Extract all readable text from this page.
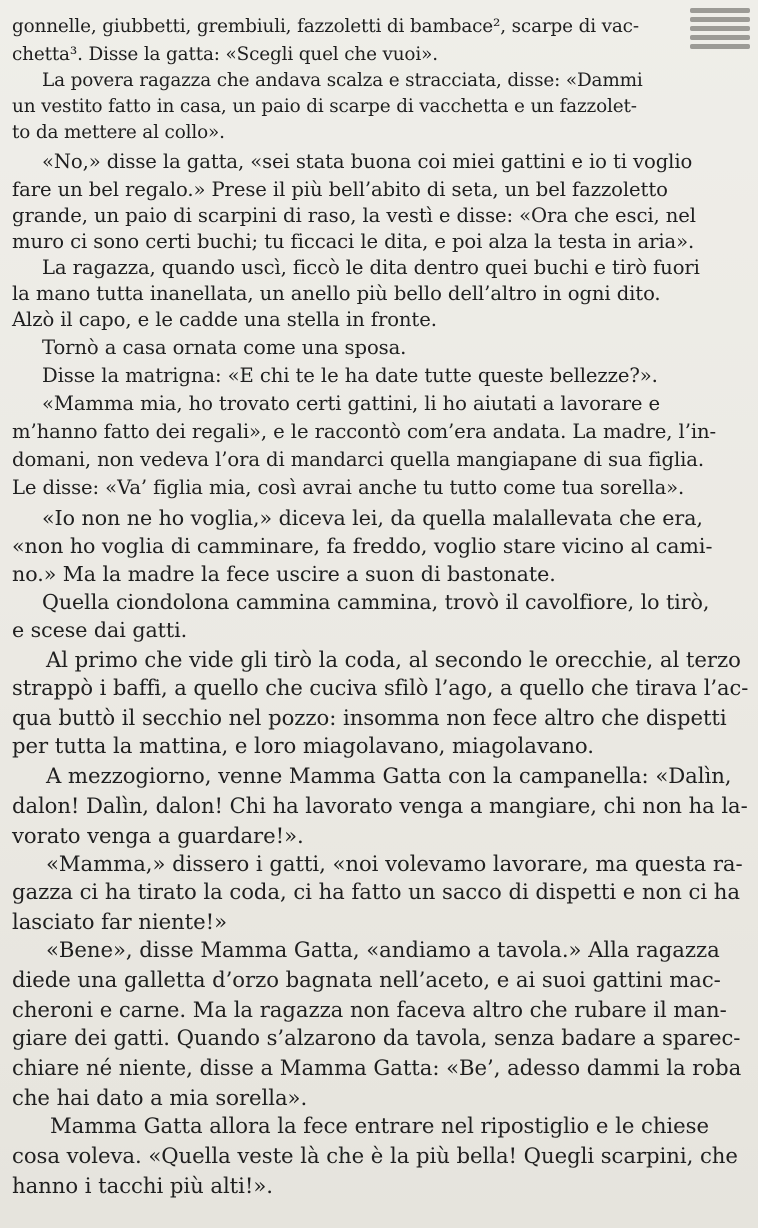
gonnelle, giubbetti, grembiuli, fazzoletti di bambace², scarpe di vac-
chetta³. Disse la gatta: «Scegli quel che vuoi».
La povera ragazza che andava scalza e stracciata, disse: «Dammi
un vestito fatto in casa, un paio di scarpe di vacchetta e un fazzolet-
to da mettere al collo».
«No,» disse la gatta, «sei stata buona coi miei gattini e io ti voglio
fare un bel regalo.» Prese il più bell’abito di seta, un bel fazzoletto
grande, un paio di scarpini di raso, la vestì e disse: «Ora che esci, nel
muro ci sono certi buchi; tu ficcaci le dita, e poi alza la testa in aria».
La ragazza, quando uscì, ficcò le dita dentro quei buchi e tirò fuori
la mano tutta inanellata, un anello più bello dell’altro in ogni dito.
Alzò il capo, e le cadde una stella in fronte.
Tornò a casa ornata come una sposa.
Disse la matrigna: «E chi te le ha date tutte queste bellezze?».
«Mamma mia, ho trovato certi gattini, li ho aiutati a lavorare e
m’hanno fatto dei regali», e le raccontò com’era andata. La madre, l’in-
domani, non vedeva l’ora di mandarci quella mangiapane di sua figlia.
Le disse: «Va’ figlia mia, così avrai anche tu tutto come tua sorella».
«Io non ne ho voglia,» diceva lei, da quella malallevata che era,
«non ho voglia di camminare, fa freddo, voglio stare vicino al cami-
no.» Ma la madre la fece uscire a suon di bastonate.
Quella ciondolona cammina cammina, trovò il cavolfiore, lo tirò,
e scese dai gatti.
Al primo che vide gli tirò la coda, al secondo le orecchie, al terzo
strappò i baffi, a quello che cuciva sfilò l’ago, a quello che tirava l’ac-
qua buttò il secchio nel pozzo: insomma non fece altro che dispetti
per tutta la mattina, e loro miagolavano, miagolavano.
A mezzogiorno, venne Mamma Gatta con la campanella: «Dalìn,
dalon! Dalìn, dalon! Chi ha lavorato venga a mangiare, chi non ha la-
vorato venga a guardare!».
«Mamma,» dissero i gatti, «noi volevamo lavorare, ma questa ra-
gazza ci ha tirato la coda, ci ha fatto un sacco di dispetti e non ci ha
lasciato far niente!»
«Bene», disse Mamma Gatta, «andiamo a tavola.» Alla ragazza
diede una galletta d’orzo bagnata nell’aceto, e ai suoi gattini mac-
cheroni e carne. Ma la ragazza non faceva altro che rubare il man-
giare dei gatti. Quando s’alzarono da tavola, senza badare a sparec-
chiare né niente, disse a Mamma Gatta: «Be’, adesso dammi la roba
che hai dato a mia sorella».
Mamma Gatta allora la fece entrare nel ripostiglio e le chiese
cosa voleva. «Quella veste là che è la più bella! Quegli scarpini, che
hanno i tacchi più alti!».
